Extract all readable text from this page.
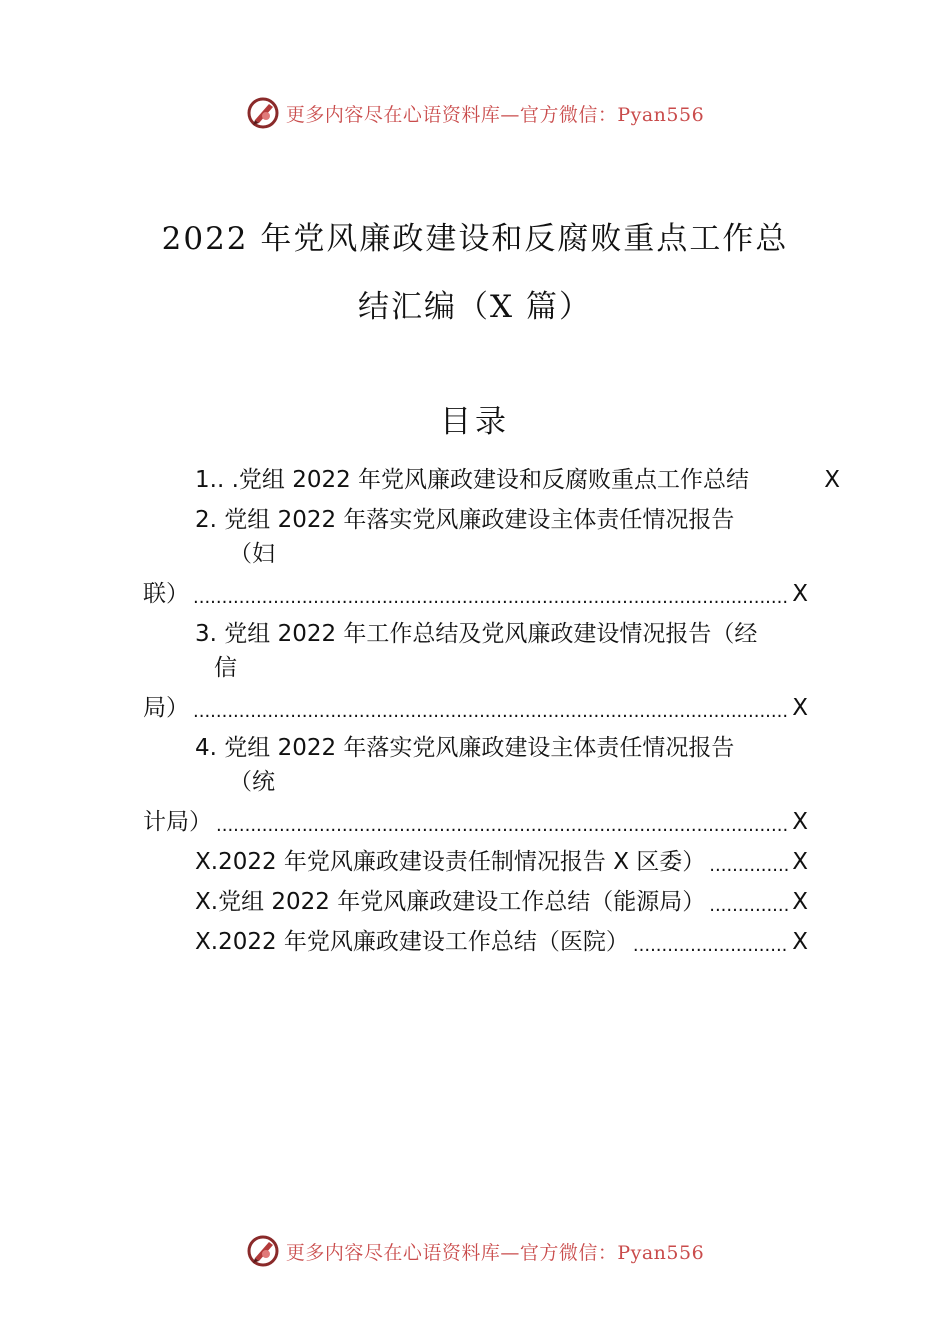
更多内容尽在心语资料库—官方微信：Pyan556
2022 年党风廉政建设和反腐败重点工作总
结汇编（X 篇）
目录
1.. .党组 2022 年党风廉政建设和反腐败重点工作总结	X
2. 党组 2022 年落实党风廉政建设主体责任情况报告
（妇
联） .....	X
3. 党组 2022 年工作总结及党风廉政建设情况报告（经
信
局） .....	X
4. 党组 2022 年落实党风廉政建设主体责任情况报告
（统
计局） .....	X
X.2022 年党风廉政建设责任制情况报告 X 区委） .....	X
X.党组 2022 年党风廉政建设工作总结（能源局） .....	X
X.2022 年党风廉政建设工作总结（医院） .....	X
更多内容尽在心语资料库—官方微信：Pyan556
